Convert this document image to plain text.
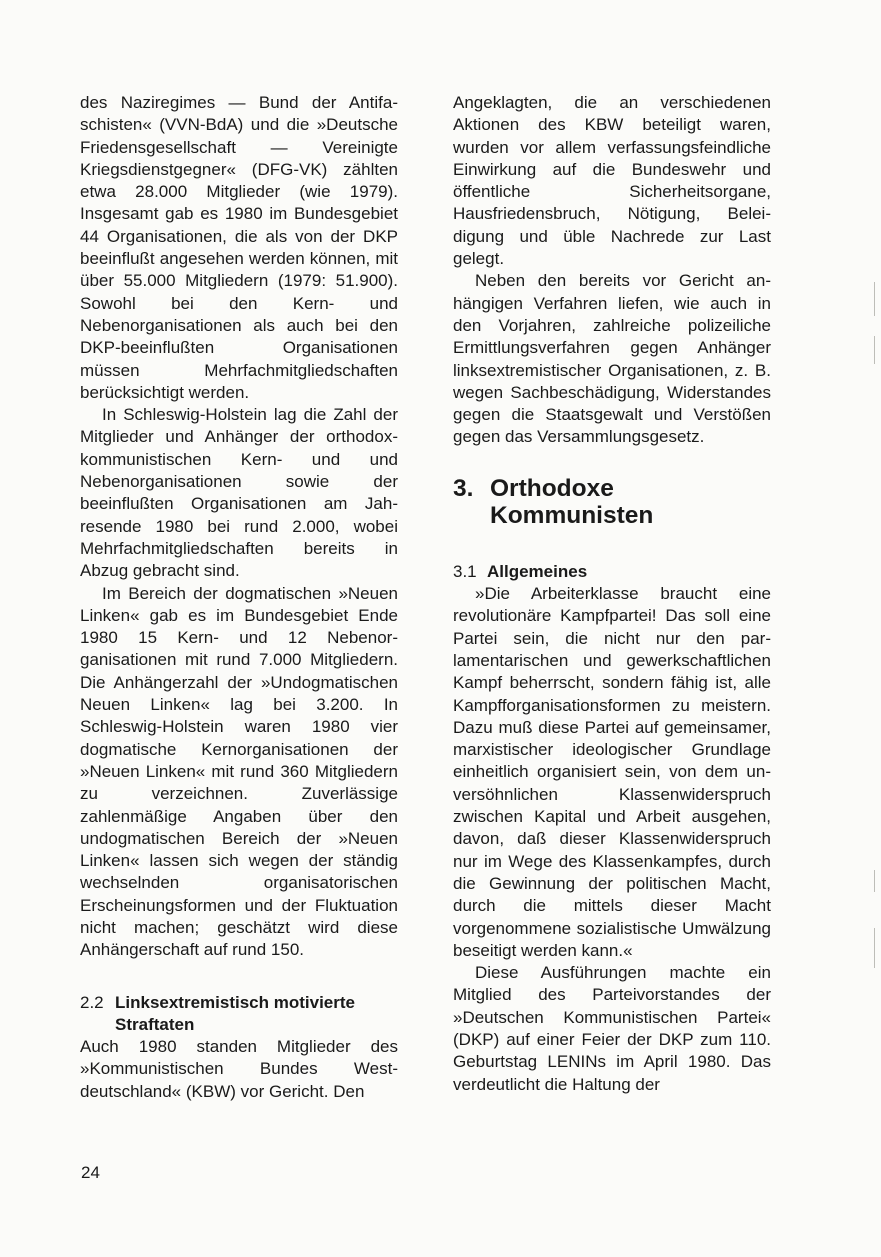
des Naziregimes — Bund der Antifaschisten« (VVN-BdA) und die »Deutsche Friedensgesellschaft — Vereinigte Kriegsdienstgegner« (DFG-VK) zählten etwa 28.000 Mitglieder (wie 1979). Insgesamt gab es 1980 im Bundesgebiet 44 Organisationen, die als von der DKP beeinflußt angesehen werden können, mit über 55.000 Mitgliedern (1979: 51.900). Sowohl bei den Kern- und Nebenorganisationen als auch bei den DKP-beeinflußten Organisationen müssen Mehrfachmitgliedschaften berücksichtigt werden.

In Schleswig-Holstein lag die Zahl der Mitglieder und Anhänger der orthodox-kommunistischen Kern- und und Nebenorganisationen sowie der beeinflußten Organisationen am Jahresende 1980 bei rund 2.000, wobei Mehrfachmitgliedschaften bereits in Abzug gebracht sind.

Im Bereich der dogmatischen »Neuen Linken« gab es im Bundesgebiet Ende 1980 15 Kern- und 12 Nebenorganisationen mit rund 7.000 Mitgliedern. Die Anhängerzahl der »Undogmatischen Neuen Linken« lag bei 3.200. In Schleswig-Holstein waren 1980 vier dogmatische Kernorganisationen der »Neuen Linken« mit rund 360 Mitgliedern zu verzeichnen. Zuverlässige zahlenmäßige Angaben über den undogmatischen Bereich der »Neuen Linken« lassen sich wegen der ständig wechselnden organisatorischen Erscheinungsformen und der Fluktuation nicht machen; geschätzt wird diese Anhängerschaft auf rund 150.

2.2 Linksextremistisch motivierte Straftaten

Auch 1980 standen Mitglieder des »Kommunistischen Bundes Westdeutschland« (KBW) vor Gericht. Den

Angeklagten, die an verschiedenen Aktionen des KBW beteiligt waren, wurden vor allem verfassungsfeindliche Einwirkung auf die Bundeswehr und öffentliche Sicherheitsorgane, Hausfriedensbruch, Nötigung, Beleidigung und üble Nachrede zur Last gelegt.

Neben den bereits vor Gericht anhängigen Verfahren liefen, wie auch in den Vorjahren, zahlreiche polizeiliche Ermittlungsverfahren gegen Anhänger linksextremistischer Organisationen, z. B. wegen Sachbeschädigung, Widerstandes gegen die Staatsgewalt und Verstößen gegen das Versammlungsgesetz.

3. Orthodoxe Kommunisten
3.1 Allgemeines

»Die Arbeiterklasse braucht eine revolutionäre Kampfpartei! Das soll eine Partei sein, die nicht nur den parlamentarischen und gewerkschaftlichen Kampf beherrscht, sondern fähig ist, alle Kampfforganisationsformen zu meistern. Dazu muß diese Partei auf gemeinsamer, marxistischer ideologischer Grundlage einheitlich organisiert sein, von dem unversöhnlichen Klassenwiderspruch zwischen Kapital und Arbeit ausgehen, davon, daß dieser Klassenwiderspruch nur im Wege des Klassenkampfes, durch die Gewinnung der politischen Macht, durch die mittels dieser Macht vorgenommene sozialistische Umwälzung beseitigt werden kann.«

Diese Ausführungen machte ein Mitglied des Parteivorstandes der »Deutschen Kommunistischen Partei« (DKP) auf einer Feier der DKP zum 110. Geburtstag LENINs im April 1980. Das verdeutlicht die Haltung der

24
